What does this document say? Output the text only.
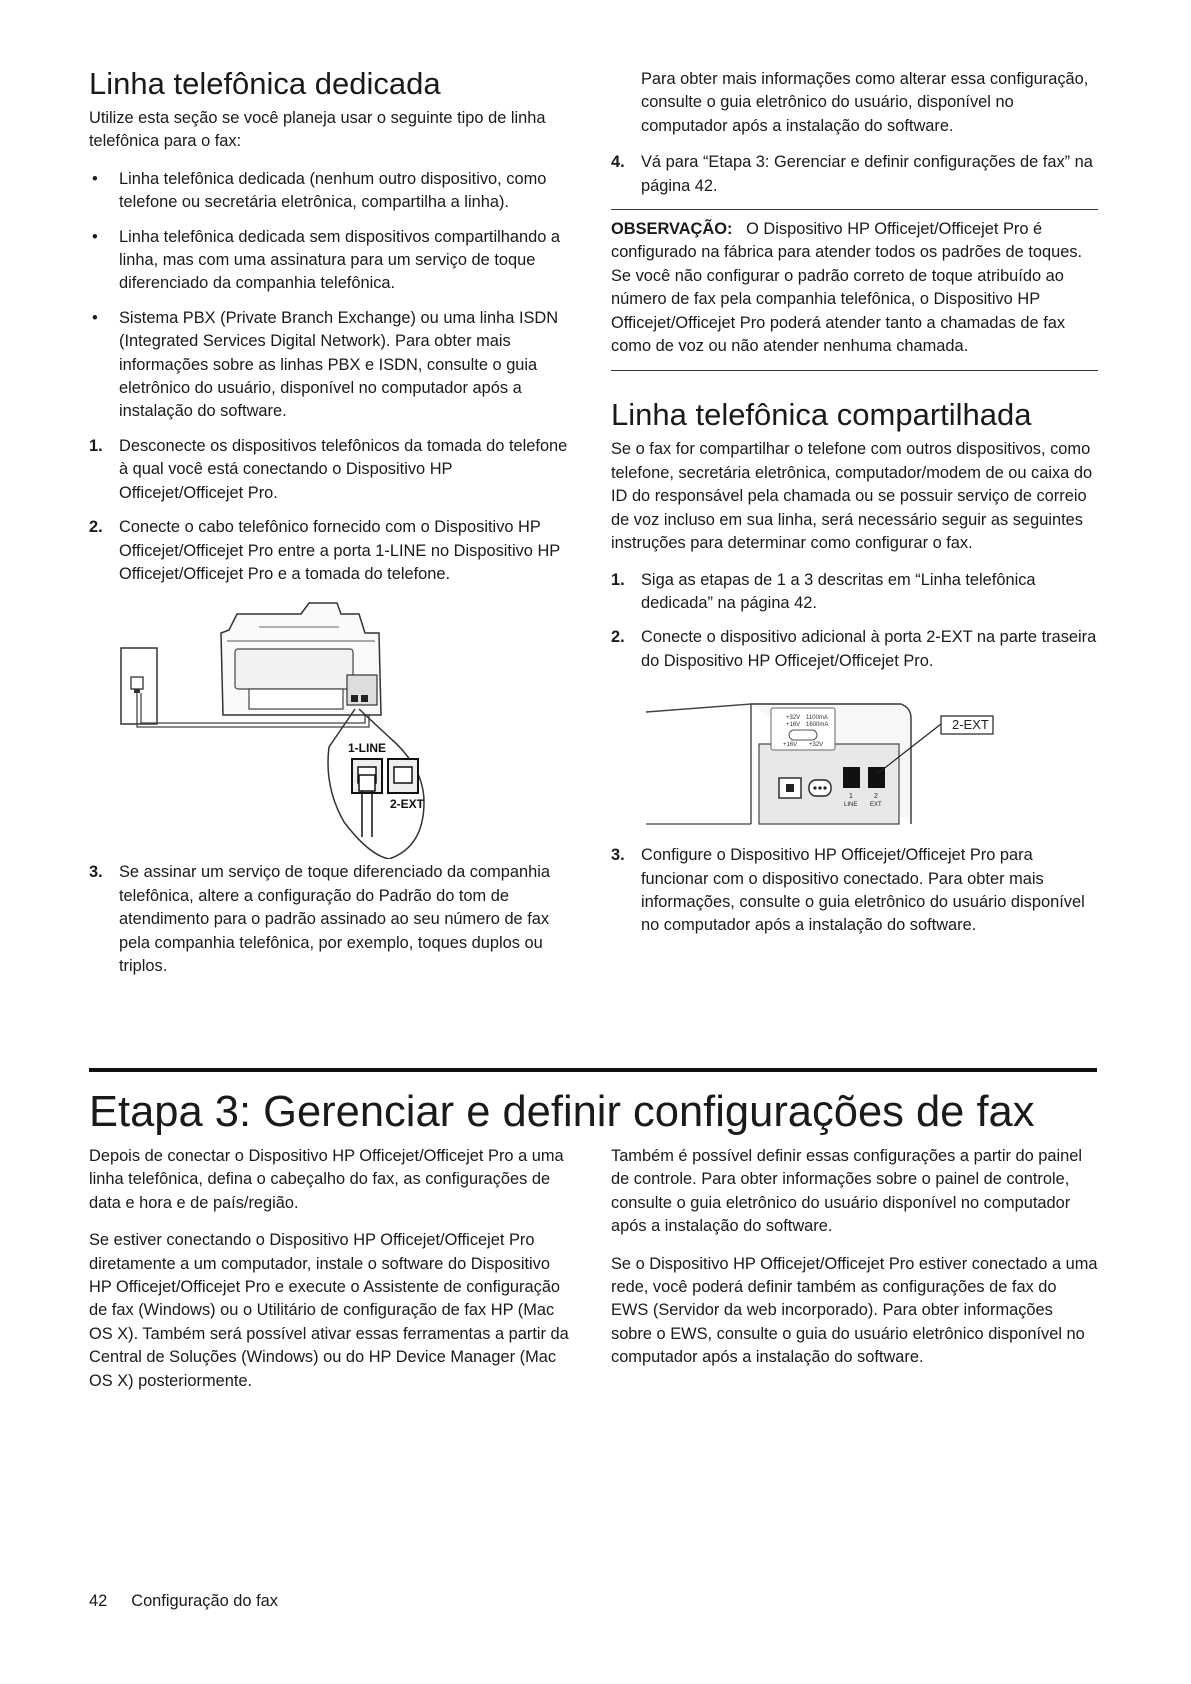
Linha telefônica dedicada

Utilize esta seção se você planeja usar o seguinte tipo de linha telefônica para o fax:

• Linha telefônica dedicada (nenhum outro dispositivo, como telefone ou secretária eletrônica, compartilha a linha).
• Linha telefônica dedicada sem dispositivos compartilhando a linha, mas com uma assinatura para um serviço de toque diferenciado da companhia telefônica.
• Sistema PBX (Private Branch Exchange) ou uma linha ISDN (Integrated Services Digital Network). Para obter mais informações sobre as linhas PBX e ISDN, consulte o guia eletrônico do usuário, disponível no computador após a instalação do software.
1. Desconecte os dispositivos telefônicos da tomada do telefone à qual você está conectando o Dispositivo HP Officejet/Officejet Pro.
2. Conecte o cabo telefônico fornecido com o Dispositivo HP Officejet/Officejet Pro entre a porta 1-LINE no Dispositivo HP Officejet/Officejet Pro e a tomada do telefone.
1-LINE
2-EXT
3. Se assinar um serviço de toque diferenciado da companhia telefônica, altere a configuração do Padrão do tom de atendimento para o padrão assinado ao seu número de fax pela companhia telefônica, por exemplo, toques duplos ou triplos.

Para obter mais informações como alterar essa configuração, consulte o guia eletrônico do usuário, disponível no computador após a instalação do software.

4. Vá para “Etapa 3: Gerenciar e definir configurações de fax” na página 42.

OBSERVAÇÃO: O Dispositivo HP Officejet/Officejet Pro é configurado na fábrica para atender todos os padrões de toques. Se você não configurar o padrão correto de toque atribuído ao número de fax pela companhia telefônica, o Dispositivo HP Officejet/Officejet Pro poderá atender tanto a chamadas de fax como de voz ou não atender nenhuma chamada.

Linha telefônica compartilhada

Se o fax for compartilhar o telefone com outros dispositivos, como telefone, secretária eletrônica, computador/modem de ou caixa do ID do responsável pela chamada ou se possuir serviço de correio de voz incluso em sua linha, será necessário seguir as seguintes instruções para determinar como configurar o fax.

1. Siga as etapas de 1 a 3 descritas em “Linha telefônica dedicada” na página 42.
2. Conecte o dispositivo adicional à porta 2-EXT na parte traseira do Dispositivo HP Officejet/Officejet Pro.
+32V 1100mA
+16V 1600mA
+16V +32V
1	2
LINE EXT
2-EXT
3. Configure o Dispositivo HP Officejet/Officejet Pro para funcionar com o dispositivo conectado. Para obter mais informações, consulte o guia eletrônico do usuário disponível no computador após a instalação do software.
Etapa 3: Gerenciar e definir configurações de fax

Depois de conectar o Dispositivo HP Officejet/Officejet Pro a uma linha telefônica, defina o cabeçalho do fax, as configurações de data e hora e de país/região.

Se estiver conectando o Dispositivo HP Officejet/Officejet Pro diretamente a um computador, instale o software do Dispositivo HP Officejet/Officejet Pro e execute o Assistente de configuração de fax (Windows) ou o Utilitário de configuração de fax HP (Mac OS X). Também será possível ativar essas ferramentas a partir da Central de Soluções (Windows) ou do HP Device Manager (Mac OS X) posteriormente.

Também é possível definir essas configurações a partir do painel de controle. Para obter informações sobre o painel de controle, consulte o guia eletrônico do usuário disponível no computador após a instalação do software.

Se o Dispositivo HP Officejet/Officejet Pro estiver conectado a uma rede, você poderá definir também as configurações de fax do EWS (Servidor da web incorporado). Para obter informações sobre o EWS, consulte o guia do usuário eletrônico disponível no computador após a instalação do software.

42 Configuração do fax
